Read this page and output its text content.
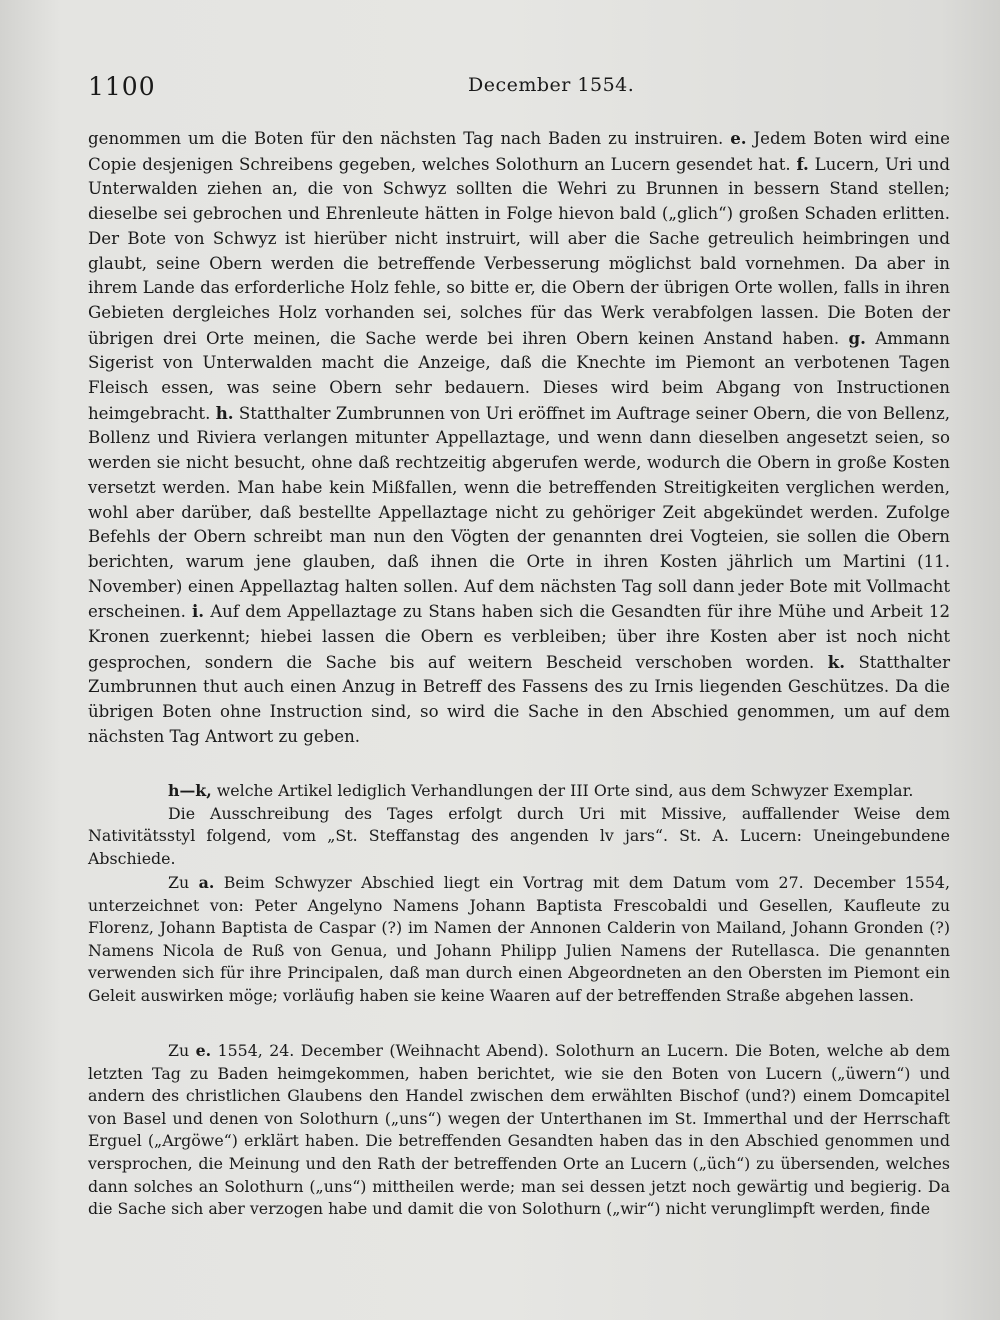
1100	December 1554.

genommen um die Boten für den nächsten Tag nach Baden zu instruiren. e. Jedem Boten wird eine Copie desjenigen Schreibens gegeben, welches Solothurn an Lucern gesendet hat. f. Lucern, Uri und Unterwalden ziehen an, die von Schwyz sollten die Wehri zu Brunnen in bessern Stand stellen; dieselbe sei gebrochen und Ehrenleute hätten in Folge hievon bald („glich“) großen Schaden erlitten. Der Bote von Schwyz ist hierüber nicht instruirt, will aber die Sache getreulich heimbringen und glaubt, seine Obern werden die betreffende Verbesserung möglichst bald vornehmen. Da aber in ihrem Lande das erforderliche Holz fehle, so bitte er, die Obern der übrigen Orte wollen, falls in ihren Gebieten dergleiches Holz vorhanden sei, solches für das Werk verabfolgen lassen. Die Boten der übrigen drei Orte meinen, die Sache werde bei ihren Obern keinen Anstand haben. g. Ammann Sigerist von Unterwalden macht die Anzeige, daß die Knechte im Piemont an verbotenen Tagen Fleisch essen, was seine Obern sehr bedauern. Dieses wird beim Abgang von Instructionen heimgebracht. h. Statthalter Zumbrunnen von Uri eröffnet im Auftrage seiner Obern, die von Bellenz, Bollenz und Riviera verlangen mitunter Appellaztage, und wenn dann dieselben angesetzt seien, so werden sie nicht besucht, ohne daß rechtzeitig abgerufen werde, wodurch die Obern in große Kosten versetzt werden. Man habe kein Mißfallen, wenn die betreffenden Streitigkeiten verglichen werden, wohl aber darüber, daß bestellte Appellaztage nicht zu gehöriger Zeit abgekündet werden. Zufolge Befehls der Obern schreibt man nun den Vögten der genannten drei Vogteien, sie sollen die Obern berichten, warum jene glauben, daß ihnen die Orte in ihren Kosten jährlich um Martini (11. November) einen Appellaztag halten sollen. Auf dem nächsten Tag soll dann jeder Bote mit Vollmacht erscheinen. i. Auf dem Appellaztage zu Stans haben sich die Gesandten für ihre Mühe und Arbeit 12 Kronen zuerkennt; hiebei lassen die Obern es verbleiben; über ihre Kosten aber ist noch nicht gesprochen, sondern die Sache bis auf weitern Bescheid verschoben worden. k. Statthalter Zumbrunnen thut auch einen Anzug in Betreff des Fassens des zu Irnis liegenden Geschützes. Da die übrigen Boten ohne Instruction sind, so wird die Sache in den Abschied genommen, um auf dem nächsten Tag Antwort zu geben.

h—k, welche Artikel lediglich Verhandlungen der III Orte sind, aus dem Schwyzer Exemplar.

Die Ausschreibung des Tages erfolgt durch Uri mit Missive, auffallender Weise dem Nativitätsstyl folgend, vom „St. Steffanstag des angenden lv jars“. St. A. Lucern: Uneingebundene Abschiede.

Zu a. Beim Schwyzer Abschied liegt ein Vortrag mit dem Datum vom 27. December 1554, unterzeichnet von: Peter Angelyno Namens Johann Baptista Frescobaldi und Gesellen, Kaufleute zu Florenz, Johann Baptista de Caspar (?) im Namen der Annonen Calderin von Mailand, Johann Gronden (?) Namens Nicola de Ruß von Genua, und Johann Philipp Julien Namens der Rutellasca. Die genannten verwenden sich für ihre Principalen, daß man durch einen Abgeordneten an den Obersten im Piemont ein Geleit auswirken möge; vorläufig haben sie keine Waaren auf der betreffenden Straße abgehen lassen.

Zu e. 1554, 24. December (Weihnacht Abend). Solothurn an Lucern. Die Boten, welche ab dem letzten Tag zu Baden heimgekommen, haben berichtet, wie sie den Boten von Lucern („üwern“) und andern des christlichen Glaubens den Handel zwischen dem erwählten Bischof (und?) einem Domcapitel von Basel und denen von Solothurn („uns“) wegen der Unterthanen im St. Immerthal und der Herrschaft Erguel („Argöwe“) erklärt haben. Die betreffenden Gesandten haben das in den Abschied genommen und versprochen, die Meinung und den Rath der betreffenden Orte an Lucern („üch“) zu übersenden, welches dann solches an Solothurn („uns“) mittheilen werde; man sei dessen jetzt noch gewärtig und begierig. Da die Sache sich aber verzogen habe und damit die von Solothurn („wir“) nicht verunglimpft werden, finde
